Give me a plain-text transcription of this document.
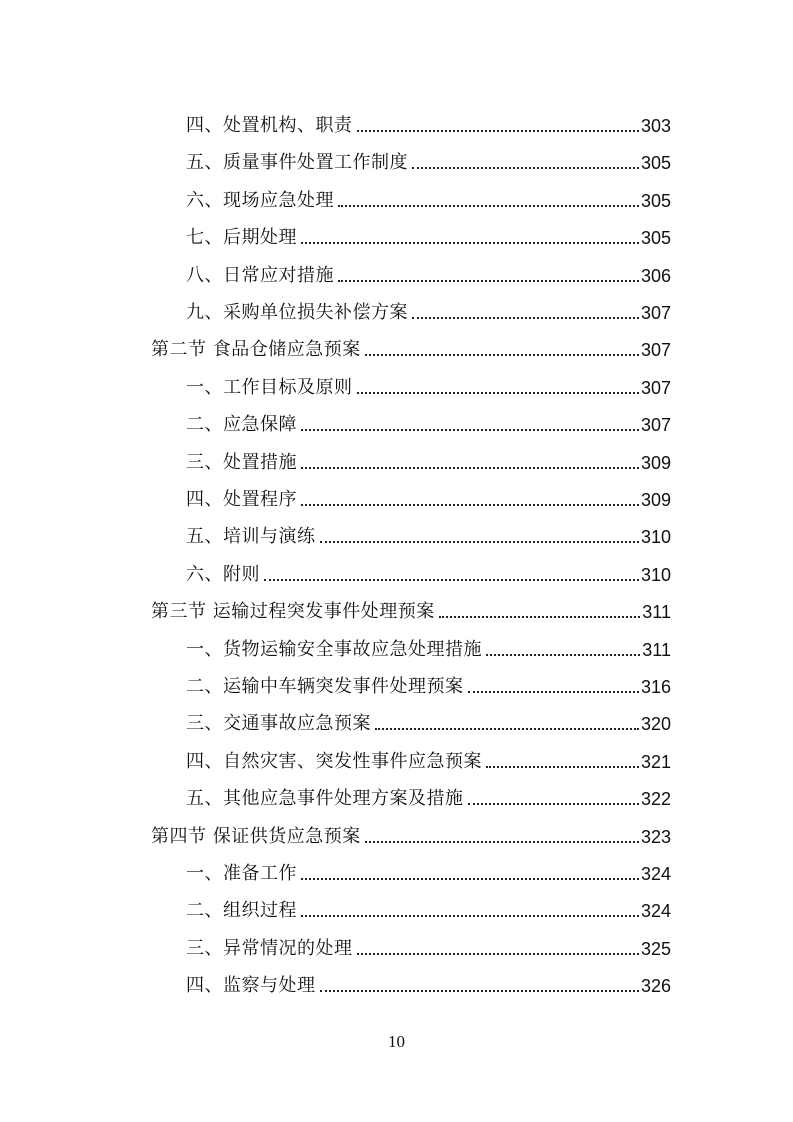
四、处置机构、职责	303
五、质量事件处置工作制度	305
六、现场应急处理	305
七、后期处理	305
八、日常应对措施	306
九、采购单位损失补偿方案	307
第二节 食品仓储应急预案	307
一、工作目标及原则	307
二、应急保障	307
三、处置措施	309
四、处置程序	309
五、培训与演练	310
六、附则	310
第三节 运输过程突发事件处理预案	311
一、货物运输安全事故应急处理措施	311
二、运输中车辆突发事件处理预案	316
三、交通事故应急预案	320
四、自然灾害、突发性事件应急预案	321
五、其他应急事件处理方案及措施	322
第四节 保证供货应急预案	323
一、准备工作	324
二、组织过程	324
三、异常情况的处理	325
四、监察与处理	326
10
